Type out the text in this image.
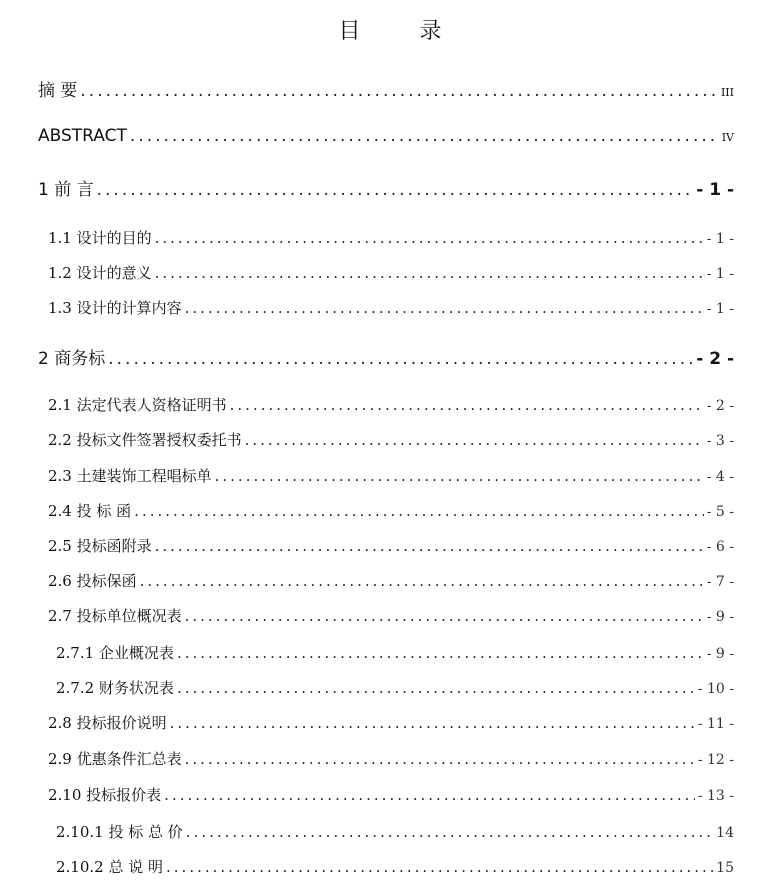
目 录
摘 要 .....	III
ABSTRACT .....	IV
1 前 言 .....	- 1 -
1.1 设计的目的 .....	- 1 -
1.2 设计的意义 .....	- 1 -
1.3 设计的计算内容 .....	- 1 -
2 商务标 .....	- 2 -
2.1 法定代表人资格证明书 .....	- 2 -
2.2 投标文件签署授权委托书 .....	- 3 -
2.3 土建装饰工程唱标单 .....	- 4 -
2.4 投 标 函 .....	- 5 -
2.5 投标函附录 .....	- 6 -
2.6 投标保函 .....	- 7 -
2.7 投标单位概况表 .....	- 9 -
2.7.1 企业概况表 .....	- 9 -
2.7.2 财务状况表 .....	- 10 -
2.8 投标报价说明 .....	- 11 -
2.9 优惠条件汇总表 .....	- 12 -
2.10 投标报价表 .....	- 13 -
2.10.1 投 标 总 价 .....	14
2.10.2 总 说 明 .....	15
